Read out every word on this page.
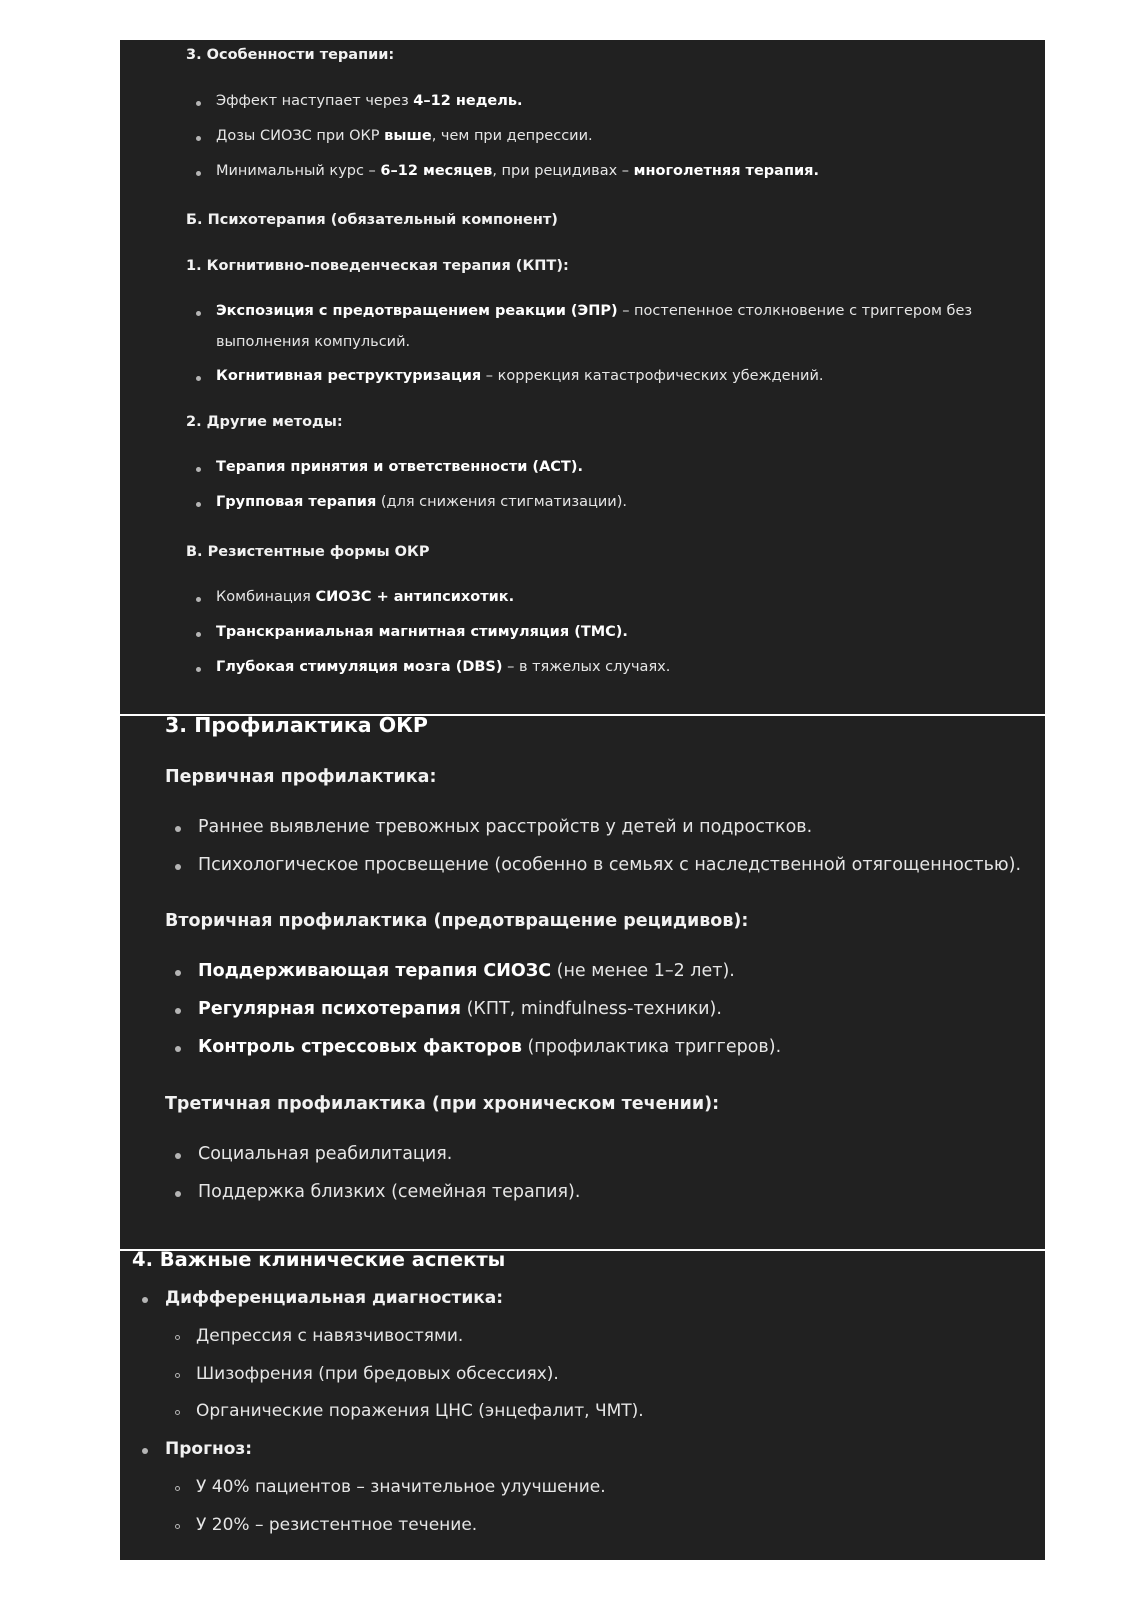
3. Особенности терапии:
Эффект наступает через 4–12 недель.
Дозы СИОЗС при ОКР выше, чем при депрессии.
Минимальный курс – 6–12 месяцев, при рецидивах – многолетняя терапия.
Б. Психотерапия (обязательный компонент)
1. Когнитивно-поведенческая терапия (КПТ):
Экспозиция с предотвращением реакции (ЭПР) – постепенное столкновение с триггером без
выполнения компульсий.
Когнитивная реструктуризация – коррекция катастрофических убеждений.
2. Другие методы:
Терапия принятия и ответственности (ACT).
Групповая терапия (для снижения стигматизации).
В. Резистентные формы ОКР
Комбинация СИОЗС + антипсихотик.
Транскраниальная магнитная стимуляция (ТМС).
Глубокая стимуляция мозга (DBS) – в тяжелых случаях.
3. Профилактика ОКР
Первичная профилактика:
Раннее выявление тревожных расстройств у детей и подростков.
Психологическое просвещение (особенно в семьях с наследственной отягощенностью).
Вторичная профилактика (предотвращение рецидивов):
Поддерживающая терапия СИОЗС (не менее 1–2 лет).
Регулярная психотерапия (КПТ, mindfulness-техники).
Контроль стрессовых факторов (профилактика триггеров).
Третичная профилактика (при хроническом течении):
Социальная реабилитация.
Поддержка близких (семейная терапия).
4. Важные клинические аспекты
Дифференциальная диагностика:
Депрессия с навязчивостями.
Шизофрения (при бредовых обсессиях).
Органические поражения ЦНС (энцефалит, ЧМТ).
Прогноз:
У 40% пациентов – значительное улучшение.
У 20% – резистентное течение.
